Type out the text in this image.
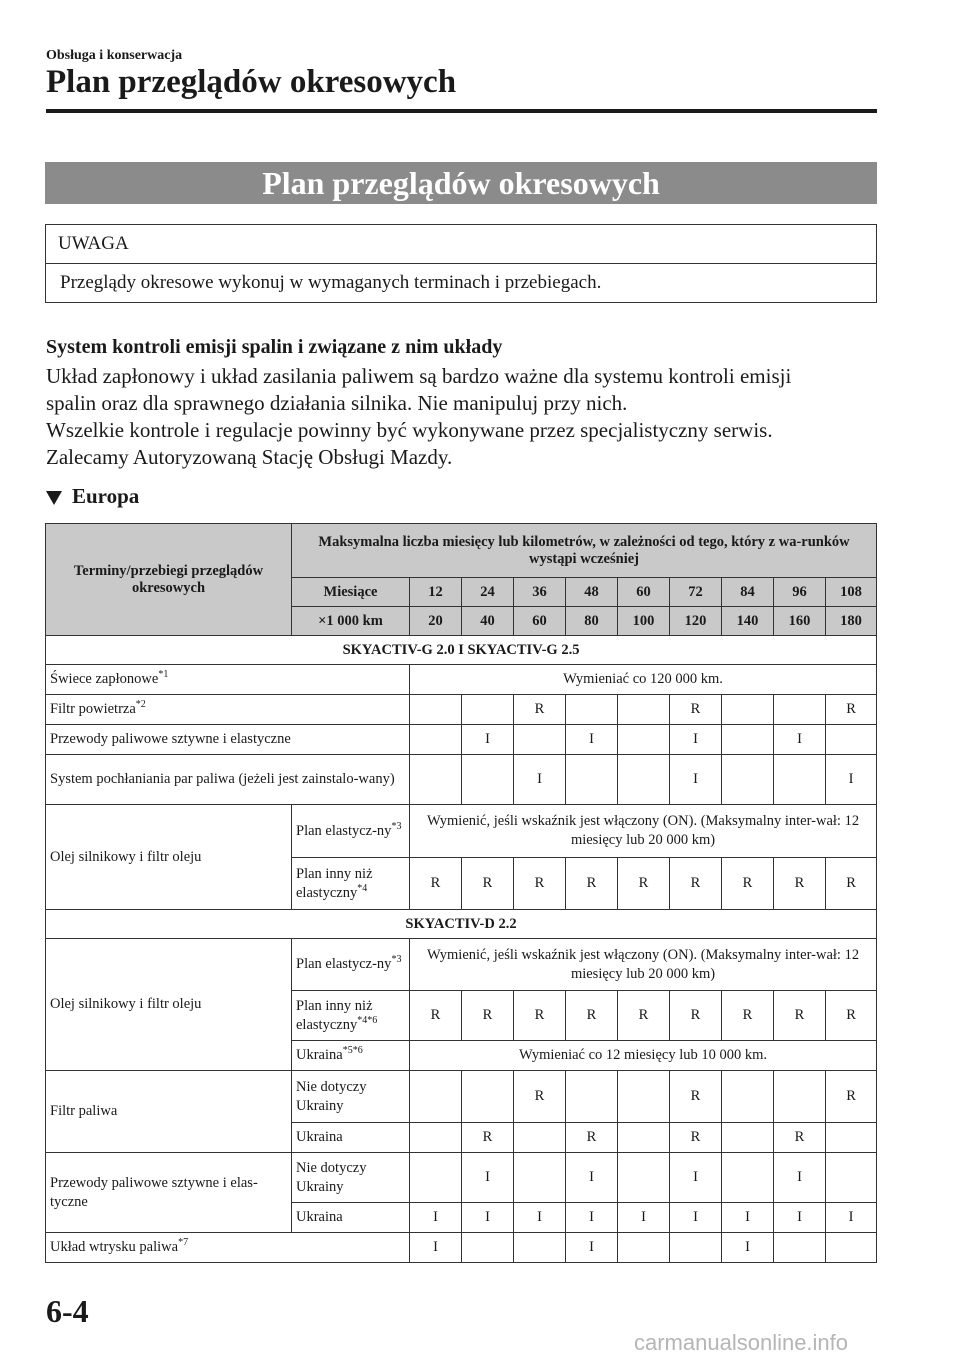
Obsługa i konserwacja
Plan przeglądów okresowych
Plan przeglądów okresowych
UWAGA
Przeglądy okresowe wykonuj w wymaganych terminach i przebiegach.
System kontroli emisji spalin i związane z nim układy
Układ zapłonowy i układ zasilania paliwem są bardzo ważne dla systemu kontroli emisji
spalin oraz dla sprawnego działania silnika. Nie manipuluj przy nich.
Wszelkie kontrole i regulacje powinny być wykonywane przez specjalistyczny serwis.
Zalecamy Autoryzowaną Stację Obsługi Mazdy.
Europa
Terminy/przebiegi przeglądów okresowych	Maksymalna liczba miesięcy lub kilometrów, w zależności od tego, który z wa-runków wystąpi wcześniej									
	Miesiące	12	24	36	48	60	72	84	96	108
	×1 000 km	20	40	60	80	100	120	140	160	180
SKYACTIV-G 2.0 I SKYACTIV-G 2.5										
Świece zapłonowe$^{*1}$		Wymieniać co 120 000 km.								
Filtr powietrza$^{*2}$				R			R			R
Przewody paliwowe sztywne i elastyczne			I		I		I		I	
System pochłaniania par paliwa (jeżeli jest zainstalo-wany)				I			I			I
Olej silnikowy i filtr oleju	Plan elastycz-$ny^{*3}$	Wymienić, jeśli wskaźnik jest włączony (ON). (Maksymalny inter-wał: 12 miesięcy lub 20 000 km)								
	Plan inny niż elastyczny$^{*4}$	R	R	R	R	R	R	R	R	R
SKYACTIV-D 2.2										
Olej silnikowy i filtr oleju	Plan elastycz-$ny^{*3}$	Wymienić, jeśli wskaźnik jest włączony (ON). (Maksymalny inter-wał: 12 miesięcy lub 20 000 km)								
	Plan inny niż elastyczny$^{*4*6}$	R	R	R	R	R	R	R	R	R
	Ukraina$^{*5*6}$	Wymieniać co 12 miesięcy lub 10 000 km.								
Filtr paliwa	Nie dotyczy Ukrainy			R			R			R
	Ukraina		R		R		R		R	
Przewody paliwowe sztywne i elas-tyczne	Nie dotyczy Ukrainy		I		I		I		I	
	Ukraina	I	I	I	I	I	I	I	I	I
Układ wtrysku paliwa$^{*7}$		I			I			I		
6-4
carmanualsonline.info
